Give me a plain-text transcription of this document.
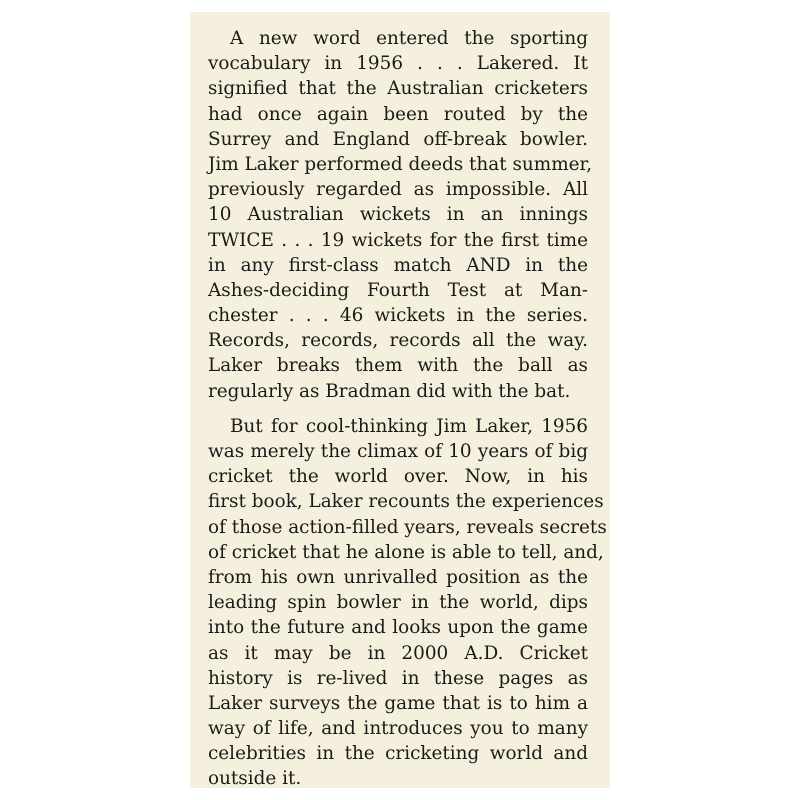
A new word entered the sporting
vocabulary in 1956 . . . Lakered. It
signified that the Australian cricketers
had once again been routed by the
Surrey and England off-break bowler.
Jim Laker performed deeds that summer,
previously regarded as impossible. All
10 Australian wickets in an innings
TWICE . . . 19 wickets for the first time
in any first-class match AND in the
Ashes-deciding Fourth Test at Man-
chester . . . 46 wickets in the series.
Records, records, records all the way.
Laker breaks them with the ball as
regularly as Bradman did with the bat.
But for cool-thinking Jim Laker, 1956
was merely the climax of 10 years of big
cricket the world over. Now, in his
first book, Laker recounts the experiences
of those action-filled years, reveals secrets
of cricket that he alone is able to tell, and,
from his own unrivalled position as the
leading spin bowler in the world, dips
into the future and looks upon the game
as it may be in 2000 A.D. Cricket
history is re-lived in these pages as
Laker surveys the game that is to him a
way of life, and introduces you to many
celebrities in the cricketing world and
outside it.
